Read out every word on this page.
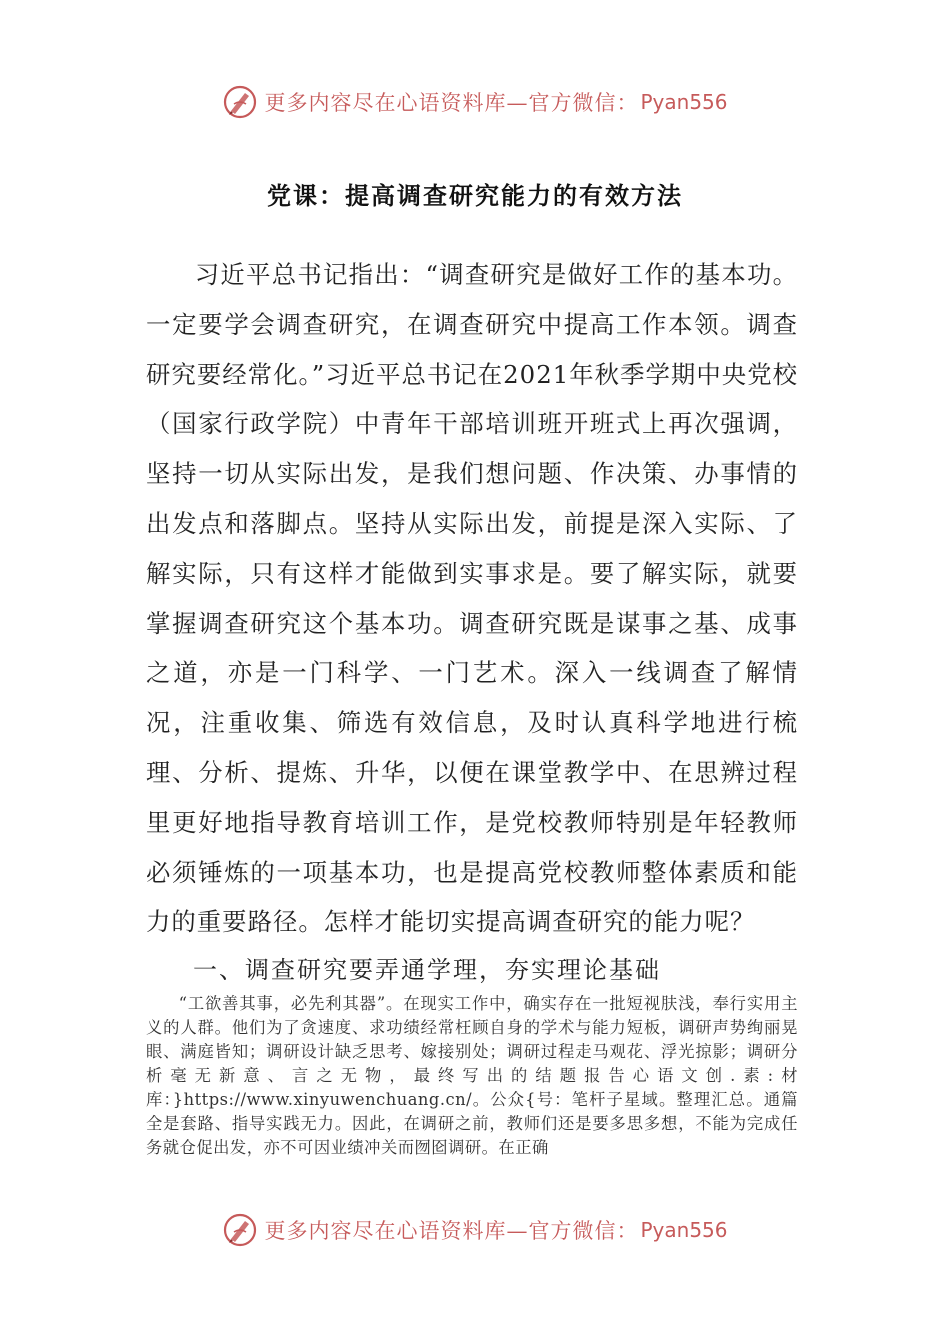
更多内容尽在心语资料库—官方微信： Pyan556
党课：提高调查研究能力的有效方法

习近平总书记指出：“调查研究是做好工作的基本功。一定要学会调查研究，在调查研究中提高工作本领。调查研究要经常化。”习近平总书记在2021年秋季学期中央党校（国家行政学院）中青年干部培训班开班式上再次强调，坚持一切从实际出发，是我们想问题、作决策、办事情的出发点和落脚点。坚持从实际出发，前提是深入实际、了解实际，只有这样才能做到实事求是。要了解实际，就要掌握调查研究这个基本功。调查研究既是谋事之基、成事之道，亦是一门科学、一门艺术。深入一线调查了解情况，注重收集、筛选有效信息，及时认真科学地进行梳理、分析、提炼、升华，以便在课堂教学中、在思辨过程里更好地指导教育培训工作，是党校教师特别是年轻教师必须锤炼的一项基本功，也是提高党校教师整体素质和能力的重要路径。怎样才能切实提高调查研究的能力呢？

一、调查研究要弄通学理，夯实理论基础

“工欲善其事，必先利其器”。在现实工作中，确实存在一批短视肤浅，奉行实用主义的人群。他们为了贪速度、求功绩经常枉顾自身的学术与能力短板，调研声势绚丽晃眼、满庭皆知；调研设计缺乏思考、嫁接别处；调研过程走马观花、浮光掠影；调研分析毫无新意、言之无物，最终写出的结题报告心语文创.素:材库：}https://www.xinyuwenchuang.cn/。公众{号：笔杆子星域。整理汇总。通篇全是套路、指导实践无力。因此，在调研之前，教师们还是要多思多想，不能为完成任务就仓促出发，亦不可因业绩冲关而囫囵调研。在正确

更多内容尽在心语资料库—官方微信： Pyan556
